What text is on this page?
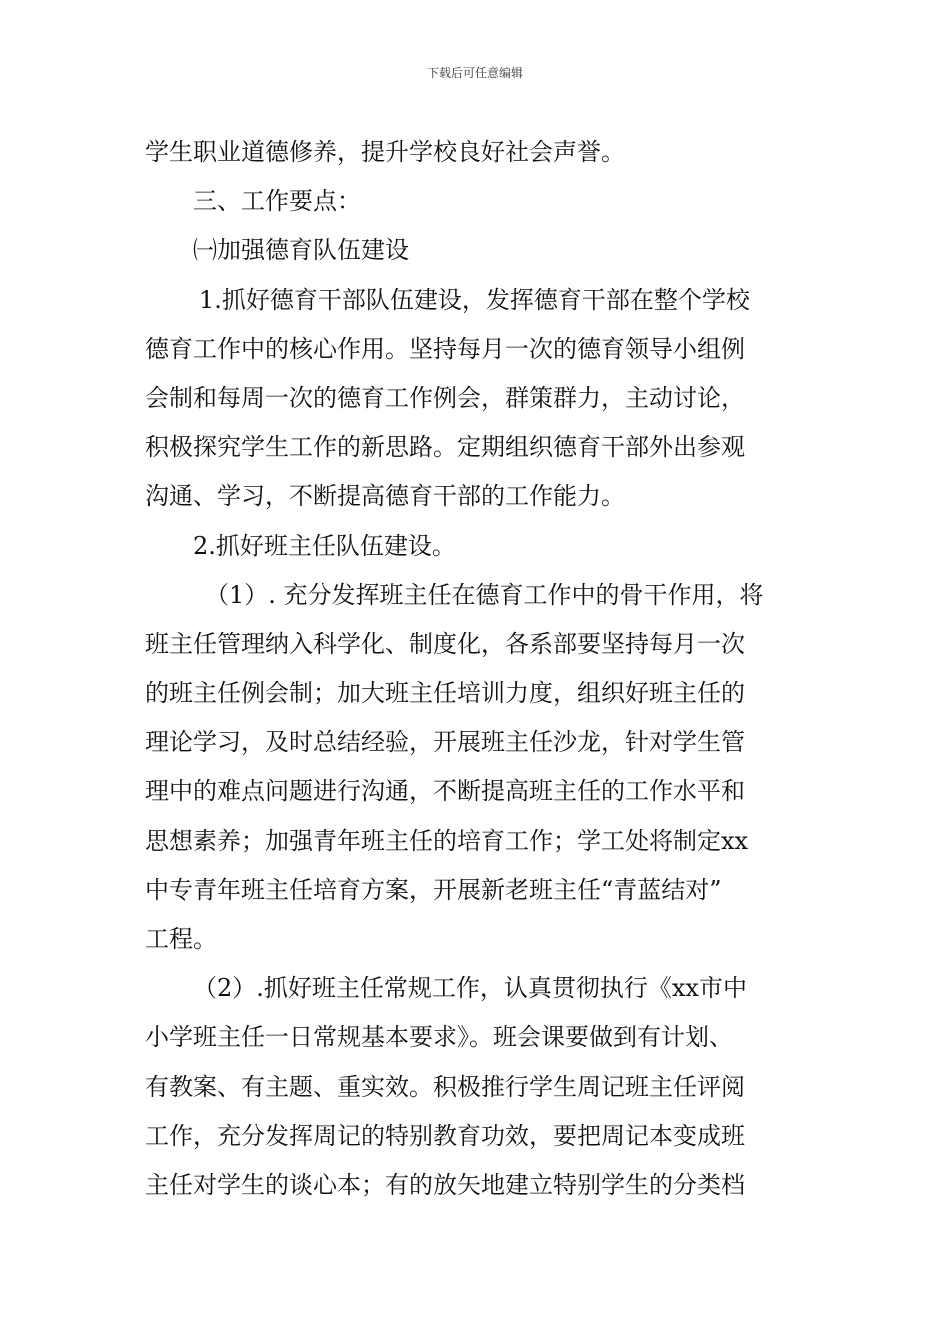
下载后可任意编辑
学生职业道德修养，提升学校良好社会声誉。
三、工作要点：
㈠加强德育队伍建设
1.抓好德育干部队伍建设，发挥德育干部在整个学校
德育工作中的核心作用。坚持每月一次的德育领导小组例
会制和每周一次的德育工作例会，群策群力，主动讨论，
积极探究学生工作的新思路。定期组织德育干部外出参观
沟通、学习，不断提高德育干部的工作能力。
2.抓好班主任队伍建设。
（1）. 充分发挥班主任在德育工作中的骨干作用，将
班主任管理纳入科学化、制度化，各系部要坚持每月一次
的班主任例会制；加大班主任培训力度，组织好班主任的
理论学习，及时总结经验，开展班主任沙龙，针对学生管
理中的难点问题进行沟通，不断提高班主任的工作水平和
思想素养；加强青年班主任的培育工作；学工处将制定xx
中专青年班主任培育方案，开展新老班主任“青蓝结对”
工程。
（2）.抓好班主任常规工作，认真贯彻执行《xx市中
小学班主任一日常规基本要求》。班会课要做到有计划、
有教案、有主题、重实效。积极推行学生周记班主任评阅
工作，充分发挥周记的特别教育功效，要把周记本变成班
主任对学生的谈心本；有的放矢地建立特别学生的分类档
